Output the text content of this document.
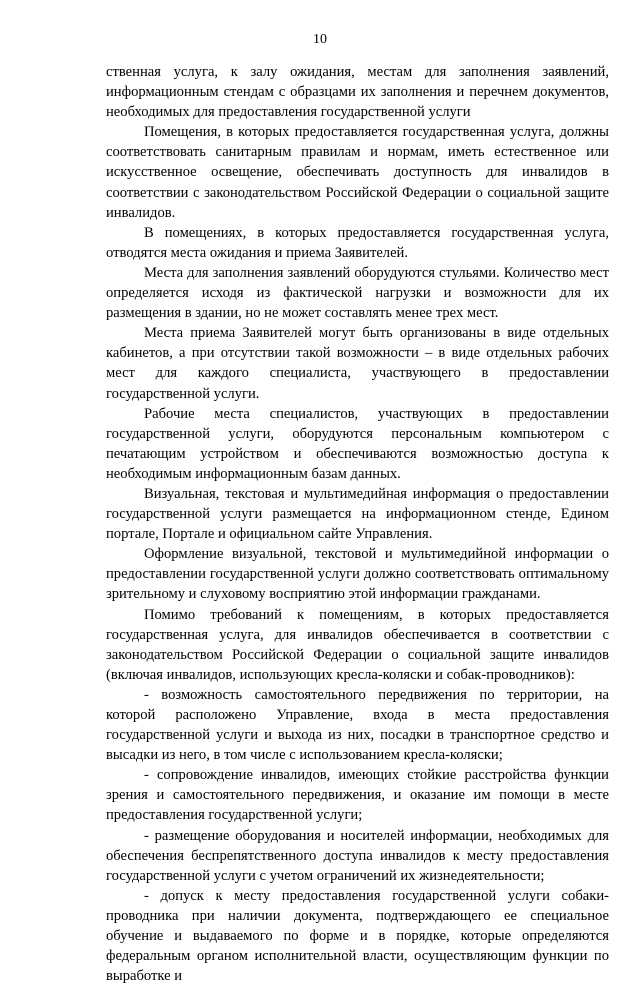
10

ственная услуга, к залу ожидания, местам для заполнения заявлений, информационным стендам с образцами их заполнения и перечнем документов, необходимых для предоставления государственной услуги

Помещения, в которых предоставляется государственная услуга, должны соответствовать санитарным правилам и нормам, иметь естественное или искусственное освещение, обеспечивать доступность для инвалидов в соответствии с законодательством Российской Федерации о социальной защите инвалидов.

В помещениях, в которых предоставляется государственная услуга, отводятся места ожидания и приема Заявителей.

Места для заполнения заявлений оборудуются стульями. Количество мест определяется исходя из фактической нагрузки и возможности для их размещения в здании, но не может составлять менее трех мест.

Места приема Заявителей могут быть организованы в виде отдельных кабинетов, а при отсутствии такой возможности – в виде отдельных рабочих мест для каждого специалиста, участвующего в предоставлении государственной услуги.

Рабочие места специалистов, участвующих в предоставлении государственной услуги, оборудуются персональным компьютером с печатающим устройством и обеспечиваются возможностью доступа к необходимым информационным базам данных.

Визуальная, текстовая и мультимедийная информация о предоставлении государственной услуги размещается на информационном стенде, Едином портале, Портале и официальном сайте Управления.

Оформление визуальной, текстовой и мультимедийной информации о предоставлении государственной услуги должно соответствовать оптимальному зрительному и слуховому восприятию этой информации гражданами.

Помимо требований к помещениям, в которых предоставляется государственная услуга, для инвалидов обеспечивается в соответствии с законодательством Российской Федерации о социальной защите инвалидов (включая инвалидов, использующих кресла-коляски и собак-проводников):

- возможность самостоятельного передвижения по территории, на которой расположено Управление, входа в места предоставления государственной услуги и выхода из них, посадки в транспортное средство и высадки из него, в том числе с использованием кресла-коляски;

- сопровождение инвалидов, имеющих стойкие расстройства функции зрения и самостоятельного передвижения, и оказание им помощи в месте предоставления государственной услуги;

- размещение оборудования и носителей информации, необходимых для обеспечения беспрепятственного доступа инвалидов к месту предоставления государственной услуги с учетом ограничений их жизнедеятельности;

- допуск к месту предоставления государственной услуги собаки-проводника при наличии документа, подтверждающего ее специальное обучение и выдаваемого по форме и в порядке, которые определяются федеральным органом исполнительной власти, осуществляющим функции по выработке и
